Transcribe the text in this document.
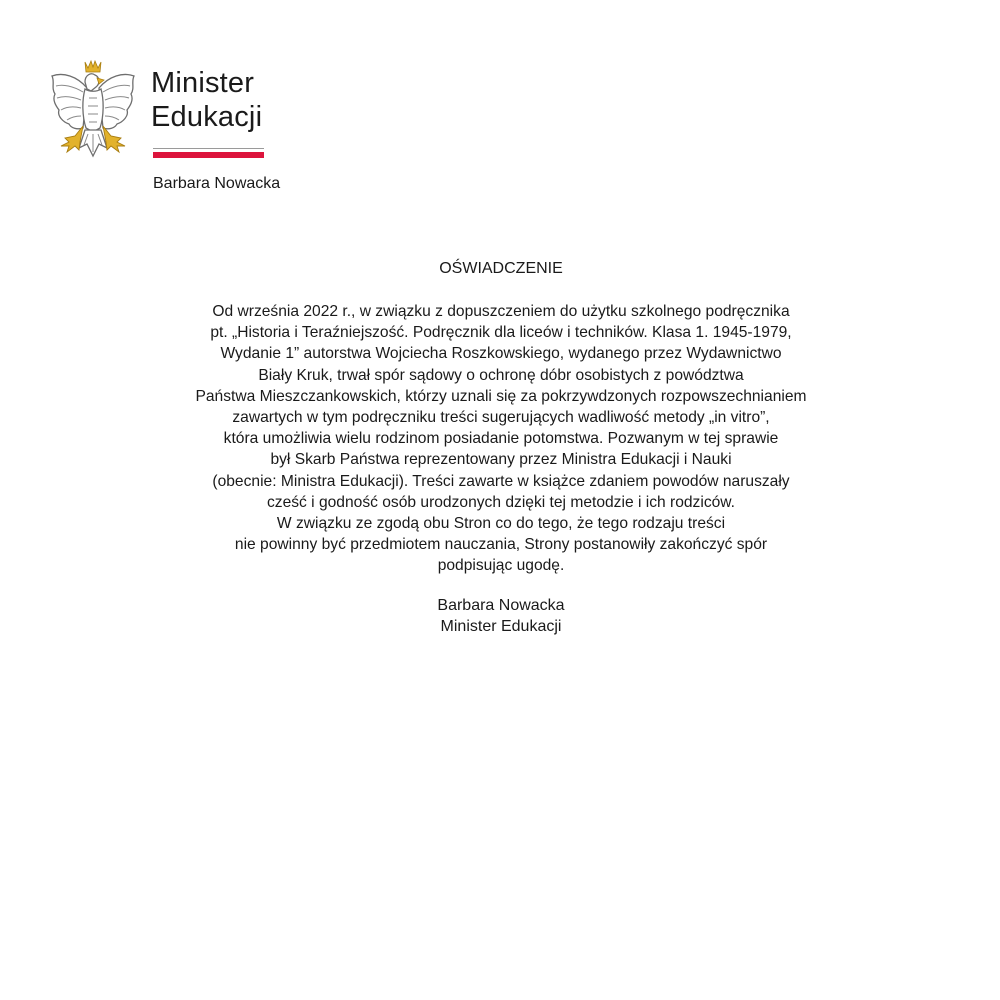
Minister
Edukacji
Barbara Nowacka
OŚWIADCZENIE
Od września 2022 r., w związku z dopuszczeniem do użytku szkolnego podręcznika
pt. „Historia i Teraźniejszość. Podręcznik dla liceów i techników. Klasa 1. 1945-1979,
Wydanie 1” autorstwa Wojciecha Roszkowskiego, wydanego przez Wydawnictwo
Biały Kruk, trwał spór sądowy o ochronę dóbr osobistych z powództwa
Państwa Mieszczankowskich, którzy uznali się za pokrzywdzonych rozpowszechnianiem
zawartych w tym podręczniku treści sugerujących wadliwość metody „in vitro”,
która umożliwia wielu rodzinom posiadanie potomstwa. Pozwanym w tej sprawie
był Skarb Państwa reprezentowany przez Ministra Edukacji i Nauki
(obecnie: Ministra Edukacji). Treści zawarte w książce zdaniem powodów naruszały
cześć i godność osób urodzonych dzięki tej metodzie i ich rodziców.
W związku ze zgodą obu Stron co do tego, że tego rodzaju treści
nie powinny być przedmiotem nauczania, Strony postanowiły zakończyć spór
podpisując ugodę.
Barbara Nowacka
Minister Edukacji
